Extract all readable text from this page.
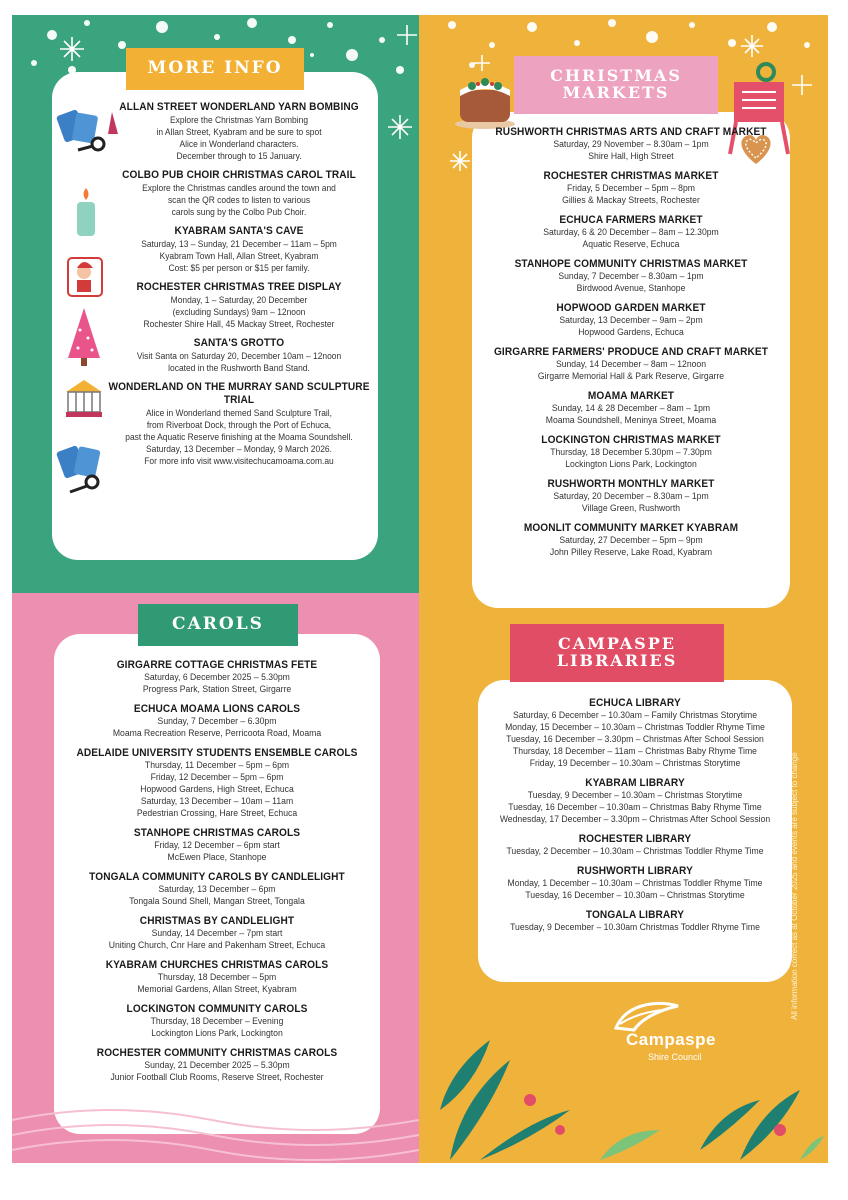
MORE INFO
ALLAN STREET WONDERLAND YARN BOMBING
Explore the Christmas Yarn Bombing
in Allan Street, Kyabram and be sure to spot
Alice in Wonderland characters.
December through to 15 January.
COLBO PUB CHOIR CHRISTMAS CAROL TRAIL
Explore the Christmas candles around the town and
scan the QR codes to listen to various
carols sung by the Colbo Pub Choir.
KYABRAM SANTA'S CAVE
Saturday, 13 – Sunday, 21 December – 11am – 5pm
Kyabram Town Hall, Allan Street, Kyabram
Cost: $5 per person or $15 per family.
ROCHESTER CHRISTMAS TREE DISPLAY
Monday, 1 – Saturday, 20 December
(excluding Sundays) 9am – 12noon
Rochester Shire Hall, 45 Mackay Street, Rochester
SANTA'S GROTTO
Visit Santa on Saturday 20, December 10am – 12noon
located in the Rushworth Band Stand.
WONDERLAND ON THE MURRAY SAND SCULPTURE TRIAL
Alice in Wonderland themed Sand Sculpture Trail,
from Riverboat Dock, through the Port of Echuca,
past the Aquatic Reserve finishing at the Moama Soundshell.
Saturday, 13 December – Monday, 9 March 2026.
For more info visit www.visitechucamoama.com.au
CAROLS
GIRGARRE COTTAGE CHRISTMAS FETE
Saturday, 6 December 2025 – 5.30pm
Progress Park, Station Street, Girgarre
ECHUCA MOAMA LIONS CAROLS
Sunday, 7 December – 6.30pm
Moama Recreation Reserve, Perricoota Road, Moama
ADELAIDE UNIVERSITY STUDENTS ENSEMBLE CAROLS
Thursday, 11 December – 5pm – 6pm
Friday, 12 December – 5pm – 6pm
Hopwood Gardens, High Street, Echuca
Saturday, 13 December – 10am – 11am
Pedestrian Crossing, Hare Street, Echuca
STANHOPE CHRISTMAS CAROLS
Friday, 12 December – 6pm start
McEwen Place, Stanhope
TONGALA COMMUNITY CAROLS BY CANDLELIGHT
Saturday, 13 December – 6pm
Tongala Sound Shell, Mangan Street, Tongala
CHRISTMAS BY CANDLELIGHT
Sunday, 14 December – 7pm start
Uniting Church, Cnr Hare and Pakenham Street, Echuca
KYABRAM CHURCHES CHRISTMAS CAROLS
Thursday, 18 December – 5pm
Memorial Gardens, Allan Street, Kyabram
LOCKINGTON COMMUNITY CAROLS
Thursday, 18 December – Evening
Lockington Lions Park, Lockington
ROCHESTER COMMUNITY CHRISTMAS CAROLS
Sunday, 21 December 2025 – 5.30pm
Junior Football Club Rooms, Reserve Street, Rochester
CHRISTMAS
MARKETS
RUSHWORTH CHRISTMAS ARTS AND CRAFT MARKET
Saturday, 29 November – 8.30am – 1pm
Shire Hall, High Street
ROCHESTER CHRISTMAS MARKET
Friday, 5 December – 5pm – 8pm
Gillies & Mackay Streets, Rochester
ECHUCA FARMERS MARKET
Saturday, 6 & 20 December – 8am – 12.30pm
Aquatic Reserve, Echuca
STANHOPE COMMUNITY CHRISTMAS MARKET
Sunday, 7 December – 8.30am – 1pm
Birdwood Avenue, Stanhope
HOPWOOD GARDEN MARKET
Saturday, 13 December – 9am – 2pm
Hopwood Gardens, Echuca
GIRGARRE FARMERS' PRODUCE AND CRAFT MARKET
Sunday, 14 December – 8am – 12noon
Girgarre Memorial Hall & Park Reserve, Girgarre
MOAMA MARKET
Sunday, 14 & 28 December – 8am – 1pm
Moama Soundshell, Meninya Street, Moama
LOCKINGTON CHRISTMAS MARKET
Thursday, 18 December 5.30pm – 7.30pm
Lockington Lions Park, Lockington
RUSHWORTH MONTHLY MARKET
Saturday, 20 December – 8.30am – 1pm
Village Green, Rushworth
MOONLIT COMMUNITY MARKET KYABRAM
Saturday, 27 December – 5pm – 9pm
John Pilley Reserve, Lake Road, Kyabram
CAMPASPE
LIBRARIES
ECHUCA LIBRARY
Saturday, 6 December – 10.30am – Family Christmas Storytime
Monday, 15 December – 10.30am – Christmas Toddler Rhyme Time
Tuesday, 16 December – 3.30pm – Christmas After School Session
Thursday, 18 December – 11am – Christmas Baby Rhyme Time
Friday, 19 December – 10.30am – Christmas Storytime
KYABRAM LIBRARY
Tuesday, 9 December – 10.30am – Christmas Storytime
Tuesday, 16 December – 10.30am – Christmas Baby Rhyme Time
Wednesday, 17 December – 3.30pm – Christmas After School Session
ROCHESTER LIBRARY
Tuesday, 2 December – 10.30am – Christmas Toddler Rhyme Time
RUSHWORTH LIBRARY
Monday, 1 December – 10.30am – Christmas Toddler Rhyme Time
Tuesday, 16 December – 10.30am – Christmas Storytime
TONGALA LIBRARY
Tuesday, 9 December – 10.30am Christmas Toddler Rhyme Time	All information correct as at October 2025 and events are subject to change
Campaspe
Shire Council
